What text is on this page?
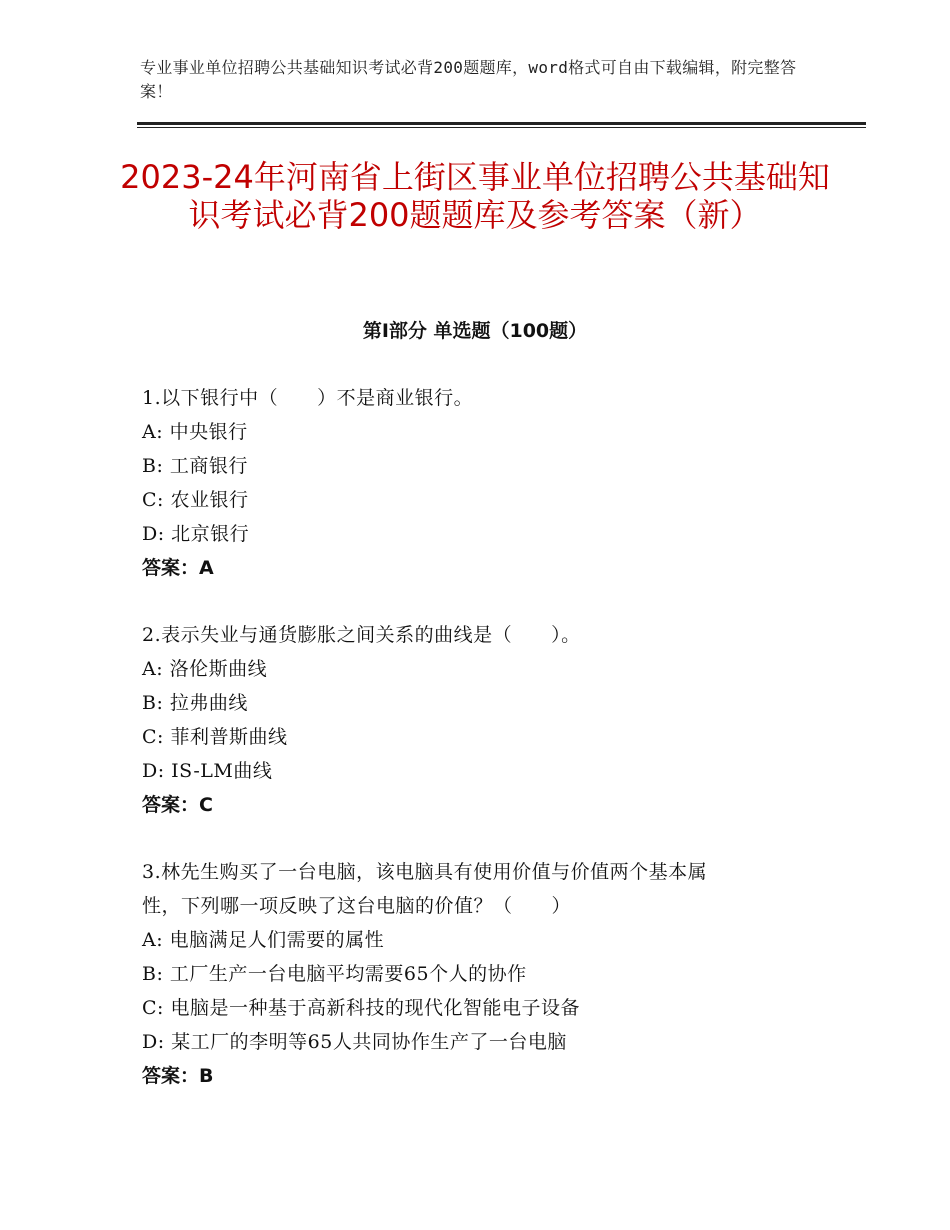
专业事业单位招聘公共基础知识考试必背200题题库，word格式可自由下载编辑，附完整答案！
2023-24年河南省上街区事业单位招聘公共基础知识考试必背200题题库及参考答案（新）
第Ⅰ部分 单选题（100题）
1.以下银行中（　　）不是商业银行。
A: 中央银行
B: 工商银行
C: 农业银行
D: 北京银行
答案：A
2.表示失业与通货膨胀之间关系的曲线是（　　）。
A: 洛伦斯曲线
B: 拉弗曲线
C: 菲利普斯曲线
D: IS-LM曲线
答案：C
3.林先生购买了一台电脑，该电脑具有使用价值与价值两个基本属
性，下列哪一项反映了这台电脑的价值？（　　）
A: 电脑满足人们需要的属性
B: 工厂生产一台电脑平均需要65个人的协作
C: 电脑是一种基于高新科技的现代化智能电子设备
D: 某工厂的李明等65人共同协作生产了一台电脑
答案：B
